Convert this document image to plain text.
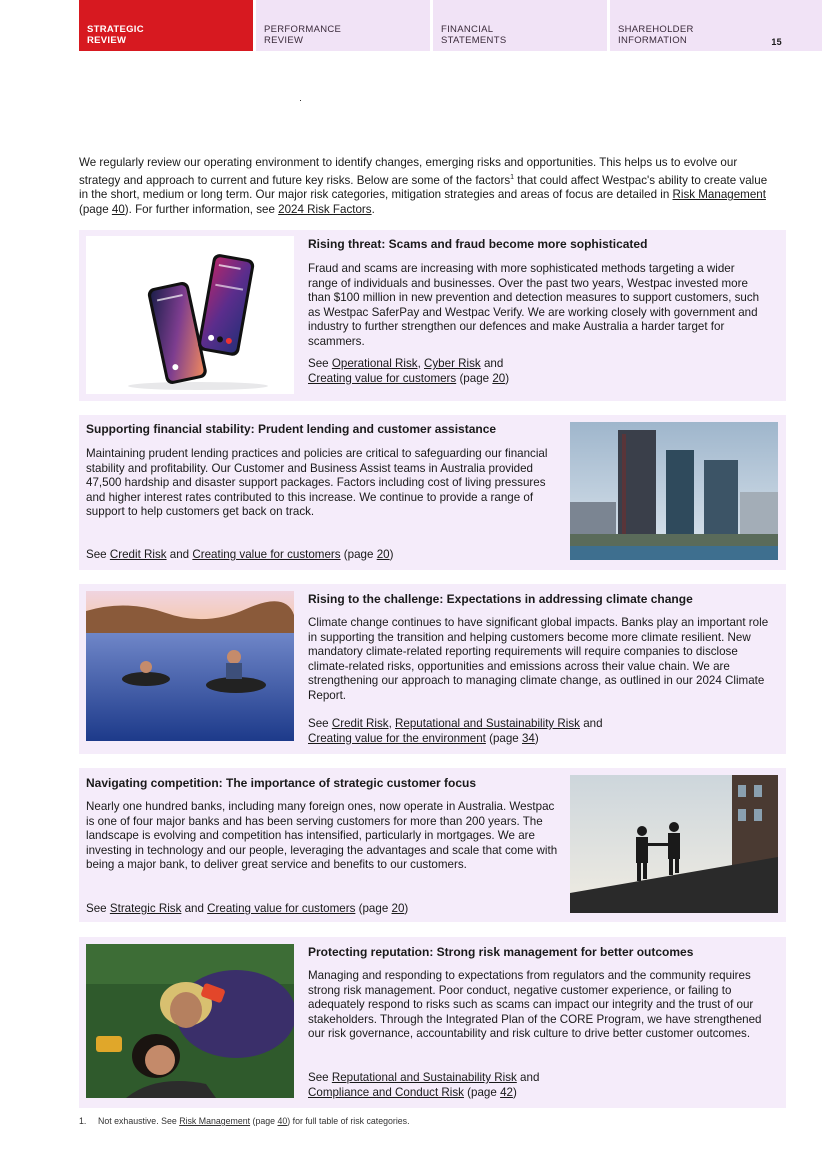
STRATEGIC
REVIEW
PERFORMANCE
REVIEW
FINANCIAL
STATEMENTS
SHAREHOLDER
INFORMATION	15

We regularly review our operating environment to identify changes, emerging risks and opportunities. This helps us to evolve our strategy and approach to current and future key risks. Below are some of the factors$^1$ that could affect Westpac's ability to create value in the short, medium or long term. Our major risk categories, mitigation strategies and areas of focus are detailed in Risk Management (page 40). For further information, see 2024 Risk Factors.

Rising threat: Scams and fraud become more sophisticated
Fraud and scams are increasing with more sophisticated methods targeting a wider range of individuals and businesses. Over the past two years, Westpac invested more than $100 million in new prevention and detection measures to support customers, such as Westpac SaferPay and Westpac Verify. We are working closely with government and industry to further strengthen our defences and make Australia a harder target for scammers.
See Operational Risk, Cyber Risk and
Creating value for customers (page 20)
Supporting financial stability: Prudent lending and customer assistance
Maintaining prudent lending practices and policies are critical to safeguarding our financial stability and profitability. Our Customer and Business Assist teams in Australia provided 47,500 hardship and disaster support packages. Factors including cost of living pressures and higher interest rates contributed to this increase. We continue to provide a range of support to help customers get back on track.
See Credit Risk and Creating value for customers (page 20)
Rising to the challenge: Expectations in addressing climate change
Climate change continues to have significant global impacts. Banks play an important role in supporting the transition and helping customers become more climate resilient. New mandatory climate-related reporting requirements will require companies to disclose climate-related risks, opportunities and emissions across their value chain. We are strengthening our approach to managing climate change, as outlined in our 2024 Climate Report.
See Credit Risk, Reputational and Sustainability Risk and
Creating value for the environment (page 34)
Navigating competition: The importance of strategic customer focus
Nearly one hundred banks, including many foreign ones, now operate in Australia. Westpac is one of four major banks and has been serving customers for more than 200 years. The landscape is evolving and competition has intensified, particularly in mortgages. We are investing in technology and our people, leveraging the advantages and scale that come with being a major bank, to deliver great service and benefits to our customers.
See Strategic Risk and Creating value for customers (page 20)
Protecting reputation: Strong risk management for better outcomes
Managing and responding to expectations from regulators and the community requires strong risk management. Poor conduct, negative customer experience, or failing to adequately respond to risks such as scams can impact our integrity and the trust of our stakeholders. Through the Integrated Plan of the CORE Program, we have strengthened our risk governance, accountability and risk culture to drive better customer outcomes.
See Reputational and Sustainability Risk and
Compliance and Conduct Risk (page 42)
1. Not exhaustive. See Risk Management (page 40) for full table of risk categories.
